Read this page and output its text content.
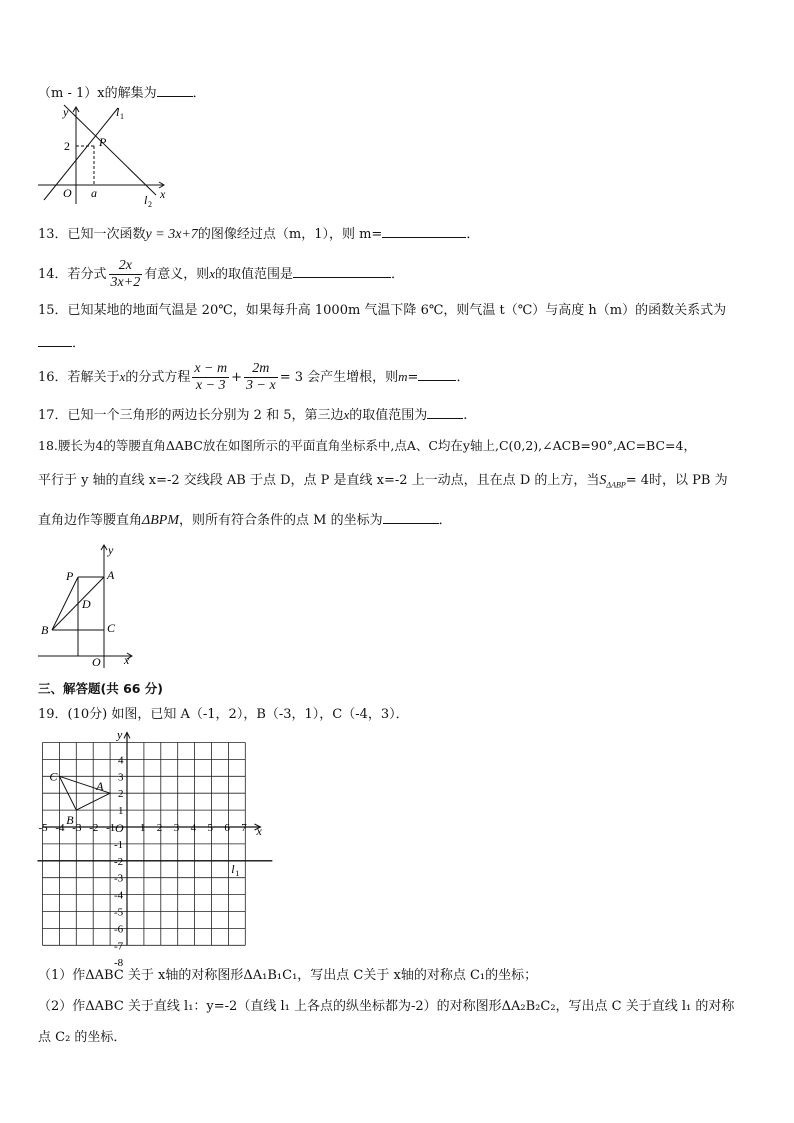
（m - 1）x的解集为	．
y
x
O
2
a
P
l 1
l 2
13．已知一次函数y = 3x+7的图像经过点（m，1），则 m=	．
14．若分式 $\frac{2x}{3x+2}$ 有意义，则x的取值范围是	．
15．已知某地的地面气温是 20℃，如果每升高 1000m 气温下降 6℃，则气温 t（℃）与高度 h（m）的函数关系式为
．
16．若解关于x的分式方程 $\frac{x - m}{x - 3} + \frac{2m}{3 - x} = 3$ 会产生增根，则m=	．
17．已知一个三角形的两边长分别为 2 和 5，第三边x的取值范围为	.
18.腰长为4的等腰直角ΔABC放在如图所示的平面直角坐标系中,点A、C均在y轴上,C(0,2),∠ACB=90°,AC=BC=4，
平行于 y 轴的直线 x=-2 交线段 AB 于点 D，点 P 是直线 x=-2 上一动点，且在点 D 的上方，当$S_{\Delta ABP}= 4$时，以 PB 为
直角边作等腰直角ΔBPM，则所有符合条件的点 M 的坐标为	．
y
x
O
P	A
D
B	C
三、解答题(共 66 分)
19．(10分) 如图，已知 A（-1，2），B（-3，1），C（-4，3）．
-5 -4 -3 -2 -1 1 2 3 4 5 6 7
4
3
2
1
-1
-2
-3
-4
-5
-6
-7
-8
O	x
y
A
B
C
l 1
（1）作ΔABC 关于 x轴的对称图形ΔA₁B₁C₁，写出点 C关于 x轴的对称点 C₁的坐标；
（2）作ΔABC 关于直线 l₁：y=-2（直线 l₁ 上各点的纵坐标都为-2）的对称图形ΔA₂B₂C₂，写出点 C 关于直线 l₁ 的对称
点 C₂ 的坐标．
